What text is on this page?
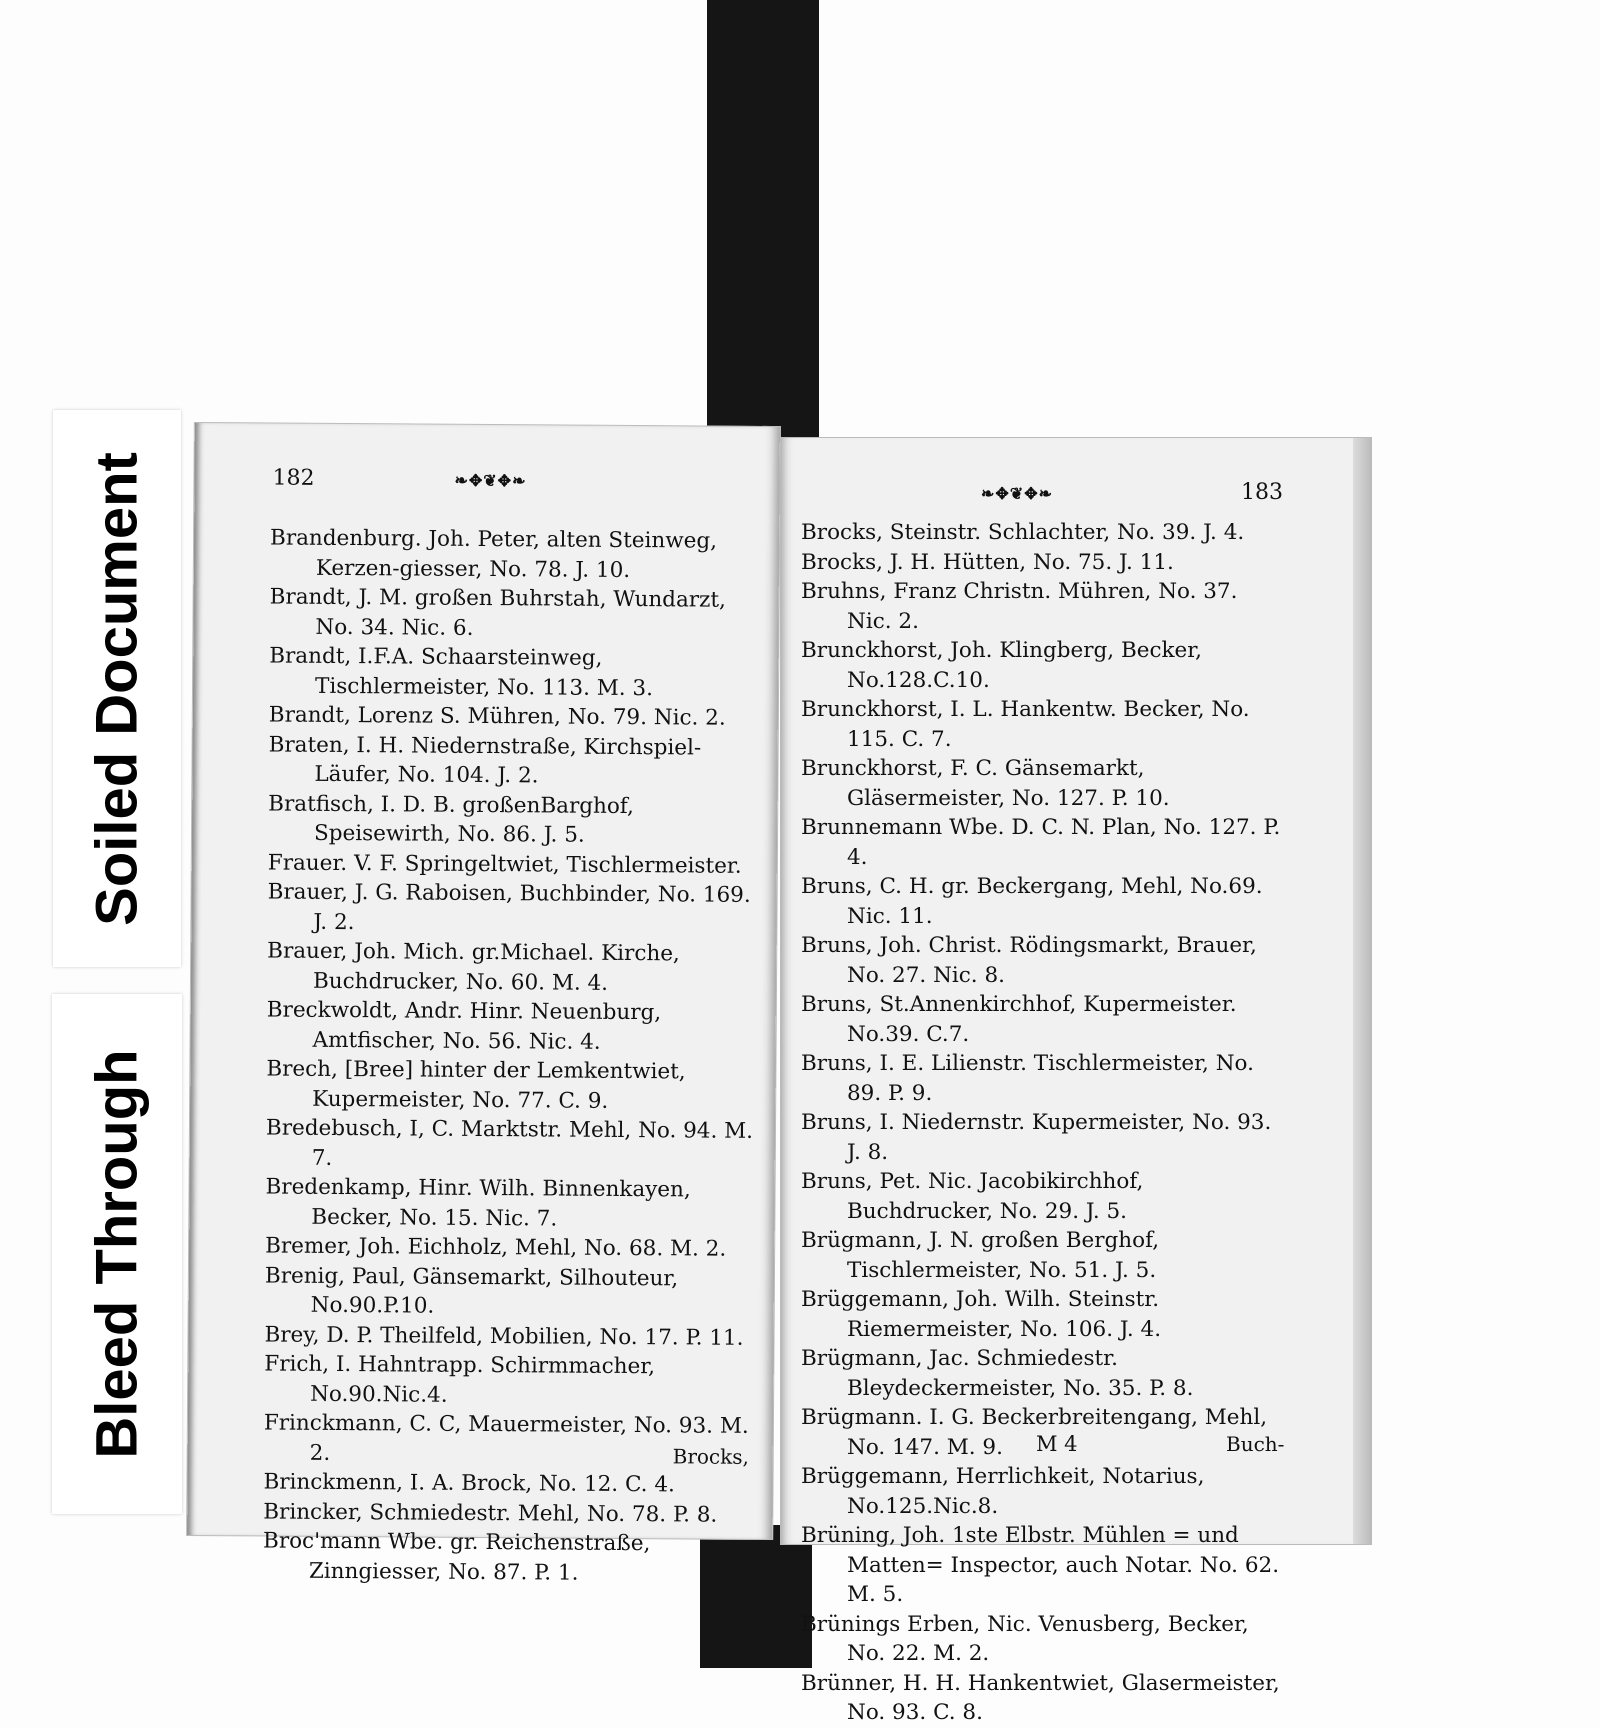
Soiled Document
Bleed Through
182	❧✥❦✥❧

Brandenburg. Joh. Peter, alten Steinweg, Kerzen-giesser, No. 78. J. 10.

Brandt, J. M. großen Buhrstah, Wundarzt, No. 34. Nic. 6.

Brandt, I.F.A. Schaarsteinweg, Tischlermeister, No. 113. M. 3.

Brandt, Lorenz S. Mühren, No. 79. Nic. 2.

Braten, I. H. Niedernstraße, Kirchspiel-Läufer, No. 104. J. 2.

Bratfisch, I. D. B. großenBarghof, Speisewirth, No. 86. J. 5.

Frauer. V. F. Springeltwiet, Tischlermeister.

Brauer, J. G. Raboisen, Buchbinder, No. 169. J. 2.

Brauer, Joh. Mich. gr.Michael. Kirche, Buchdrucker, No. 60. M. 4.

Breckwoldt, Andr. Hinr. Neuenburg, Amtfischer, No. 56. Nic. 4.

Brech, [Bree] hinter der Lemkentwiet, Kupermeister, No. 77. C. 9.

Bredebusch, I, C. Marktstr. Mehl, No. 94. M. 7.

Bredenkamp, Hinr. Wilh. Binnenkayen, Becker, No. 15. Nic. 7.

Bremer, Joh. Eichholz, Mehl, No. 68. M. 2.

Brenig, Paul, Gänsemarkt, Silhouteur, No.90.P.10.

Brey, D. P. Theilfeld, Mobilien, No. 17. P. 11.

Frich, I. Hahntrapp. Schirmmacher, No.90.Nic.4.

Frinckmann, C. C, Mauermeister, No. 93. M. 2.

Brinckmenn, I. A. Brock, No. 12. C. 4.

Brincker, Schmiedestr. Mehl, No. 78. P. 8.

Broc'mann Wbe. gr. Reichenstraße, Zinngiesser, No. 87. P. 1.

Brocks,
❧✥❦✥❧	183

Brocks, Steinstr. Schlachter, No. 39. J. 4.

Brocks, J. H. Hütten, No. 75. J. 11.

Bruhns, Franz Christn. Mühren, No. 37. Nic. 2.

Brunckhorst, Joh. Klingberg, Becker, No.128.C.10.

Brunckhorst, I. L. Hankentw. Becker, No. 115. C. 7.

Brunckhorst, F. C. Gänsemarkt, Gläsermeister, No. 127. P. 10.

Brunnemann Wbe. D. C. N. Plan, No. 127. P. 4.

Bruns, C. H. gr. Beckergang, Mehl, No.69. Nic. 11.

Bruns, Joh. Christ. Rödingsmarkt, Brauer, No. 27. Nic. 8.

Bruns, St.Annenkirchhof, Kupermeister. No.39. C.7.

Bruns, I. E. Lilienstr. Tischlermeister, No. 89. P. 9.

Bruns, I. Niedernstr. Kupermeister, No. 93. J. 8.

Bruns, Pet. Nic. Jacobikirchhof, Buchdrucker, No. 29. J. 5.

Brügmann, J. N. großen Berghof, Tischlermeister, No. 51. J. 5.

Brüggemann, Joh. Wilh. Steinstr. Riemermeister, No. 106. J. 4.

Brügmann, Jac. Schmiedestr. Bleydeckermeister, No. 35. P. 8.

Brügmann. I. G. Beckerbreitengang, Mehl, No. 147. M. 9.

Brüggemann, Herrlichkeit, Notarius, No.125.Nic.8.

Brüning, Joh. 1ste Elbstr. Mühlen = und Matten= Inspector, auch Notar. No. 62. M. 5.

Brünings Erben, Nic. Venusberg, Becker, No. 22. M. 2.

Brünner, H. H. Hankentwiet, Glasermeister, No. 93. C. 8.

M 4	Buch-
